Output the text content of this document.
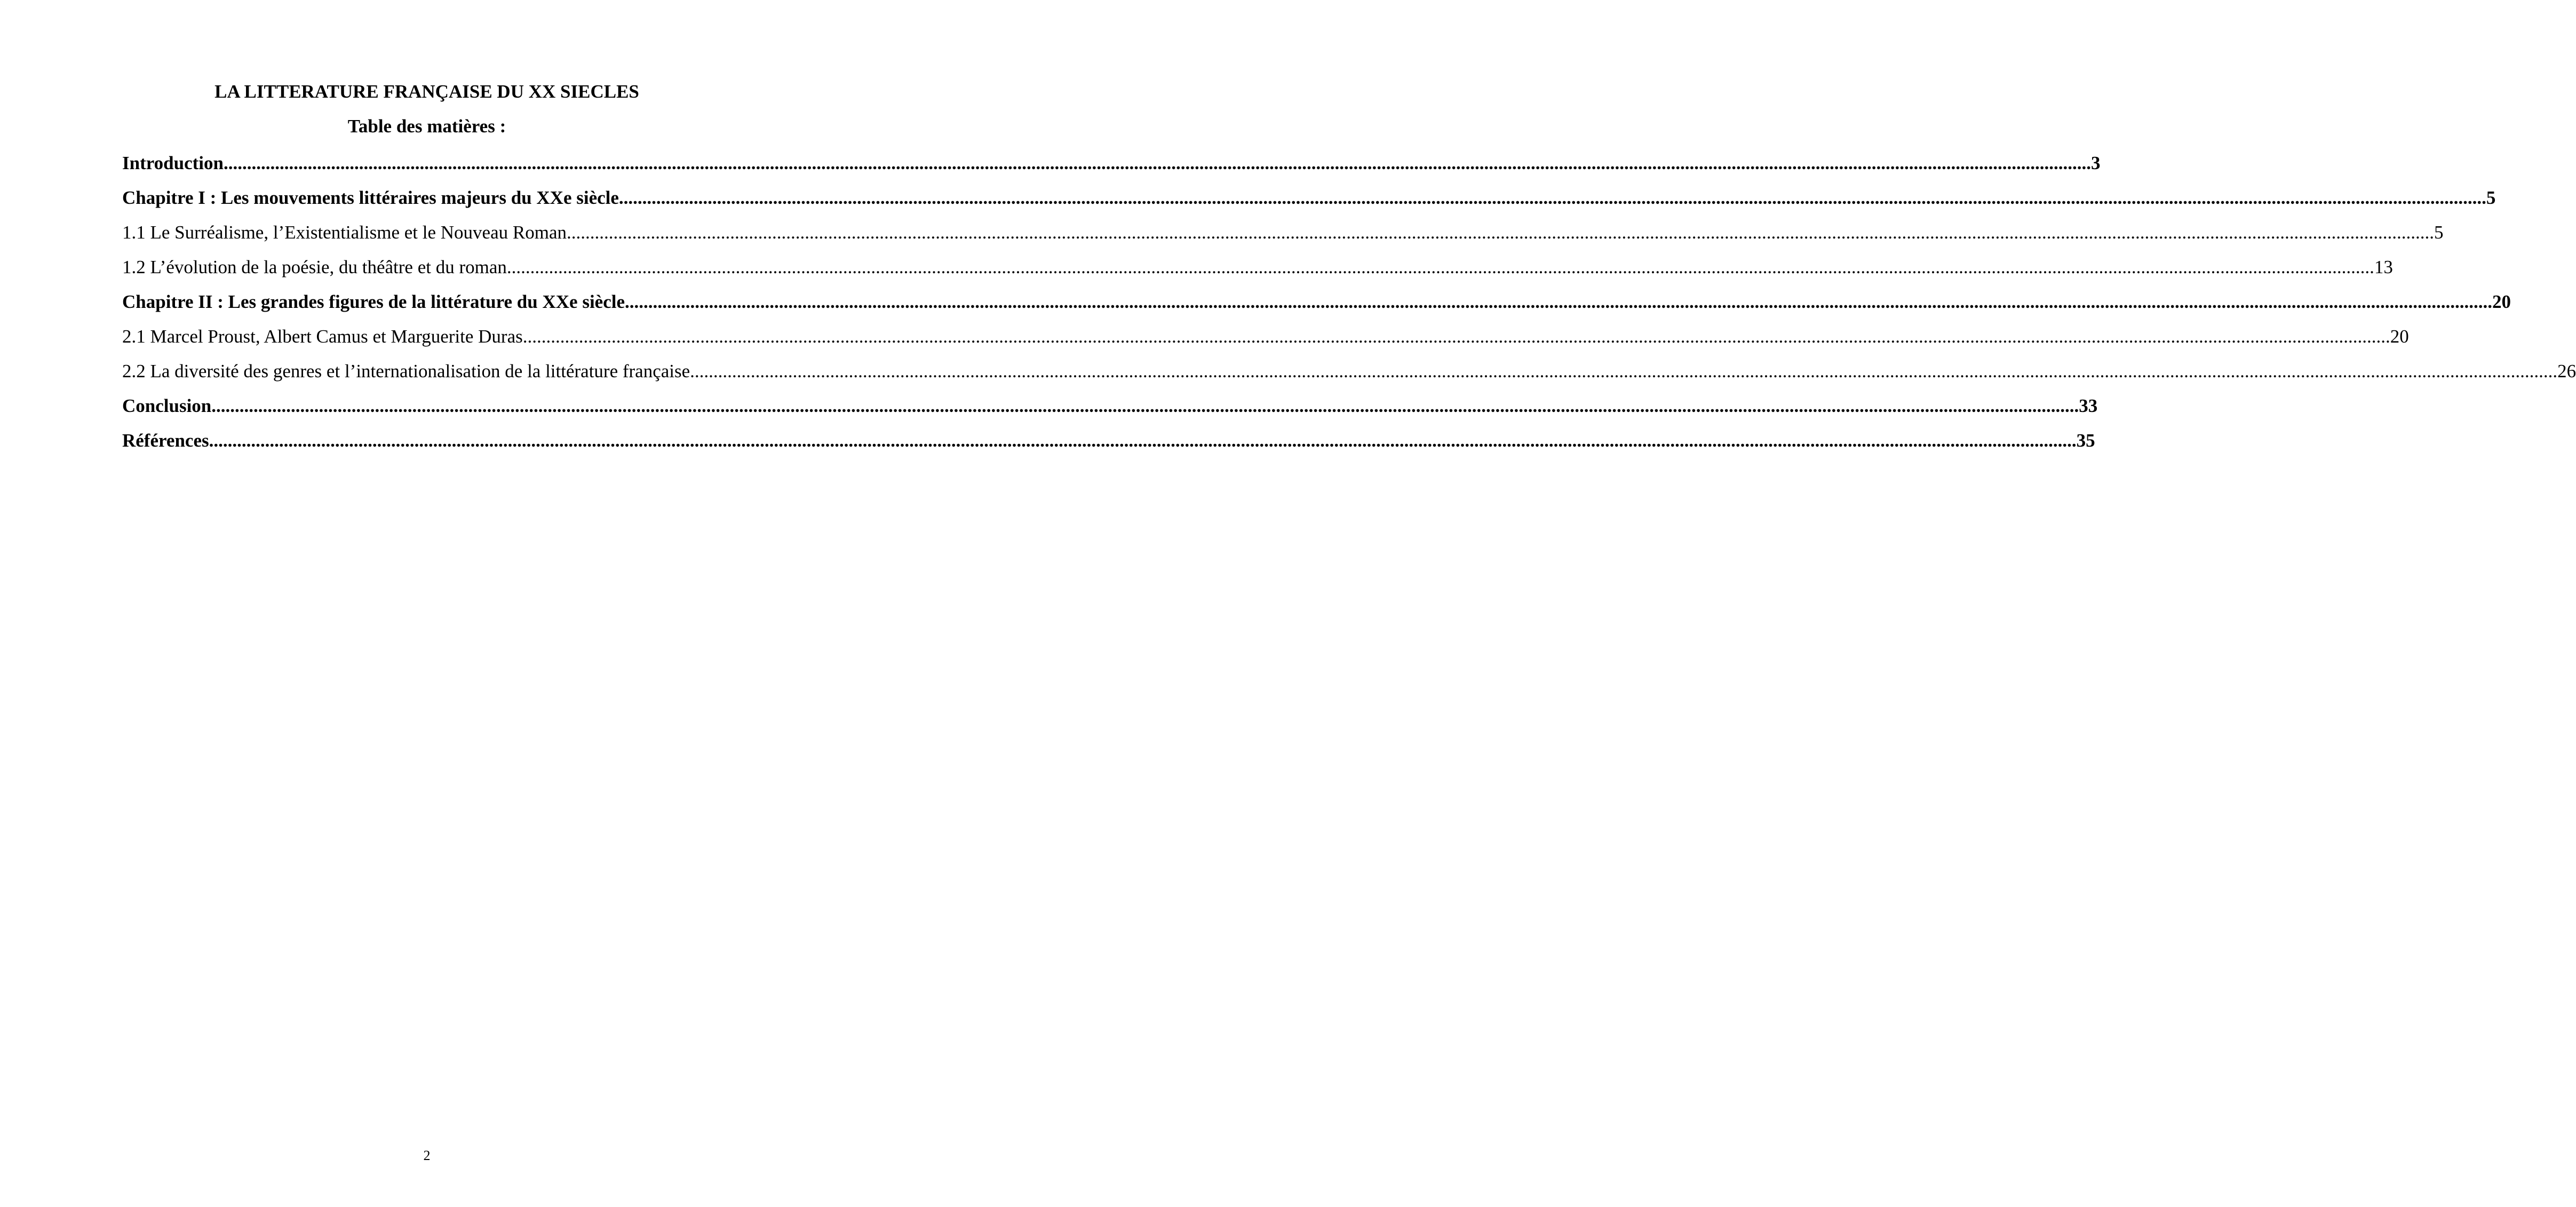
LA LITTERATURE FRANÇAISE DU XX SIECLES
Table des matières :
Introduction ................................................................................................................................................................................................................................................................................................................................................................................................................ 3
Chapitre I : Les mouvements littéraires majeurs du XXe siècle ................................................................................................................................................................................................................................................................................................................................................................................................................ 5
1.1 Le Surréalisme, l’Existentialisme et le Nouveau Roman ................................................................................................................................................................................................................................................................................................................................................................................................................ 5
1.2 L’évolution de la poésie, du théâtre et du roman ................................................................................................................................................................................................................................................................................................................................................................................................................ 13
Chapitre II : Les grandes figures de la littérature du XXe siècle ................................................................................................................................................................................................................................................................................................................................................................................................................ 20
2.1 Marcel Proust, Albert Camus et Marguerite Duras ................................................................................................................................................................................................................................................................................................................................................................................................................ 20
2.2 La diversité des genres et l’internationalisation de la littérature française ................................................................................................................................................................................................................................................................................................................................................................................................................ 26
Conclusion ................................................................................................................................................................................................................................................................................................................................................................................................................ 33
Références ................................................................................................................................................................................................................................................................................................................................................................................................................ 35
2
